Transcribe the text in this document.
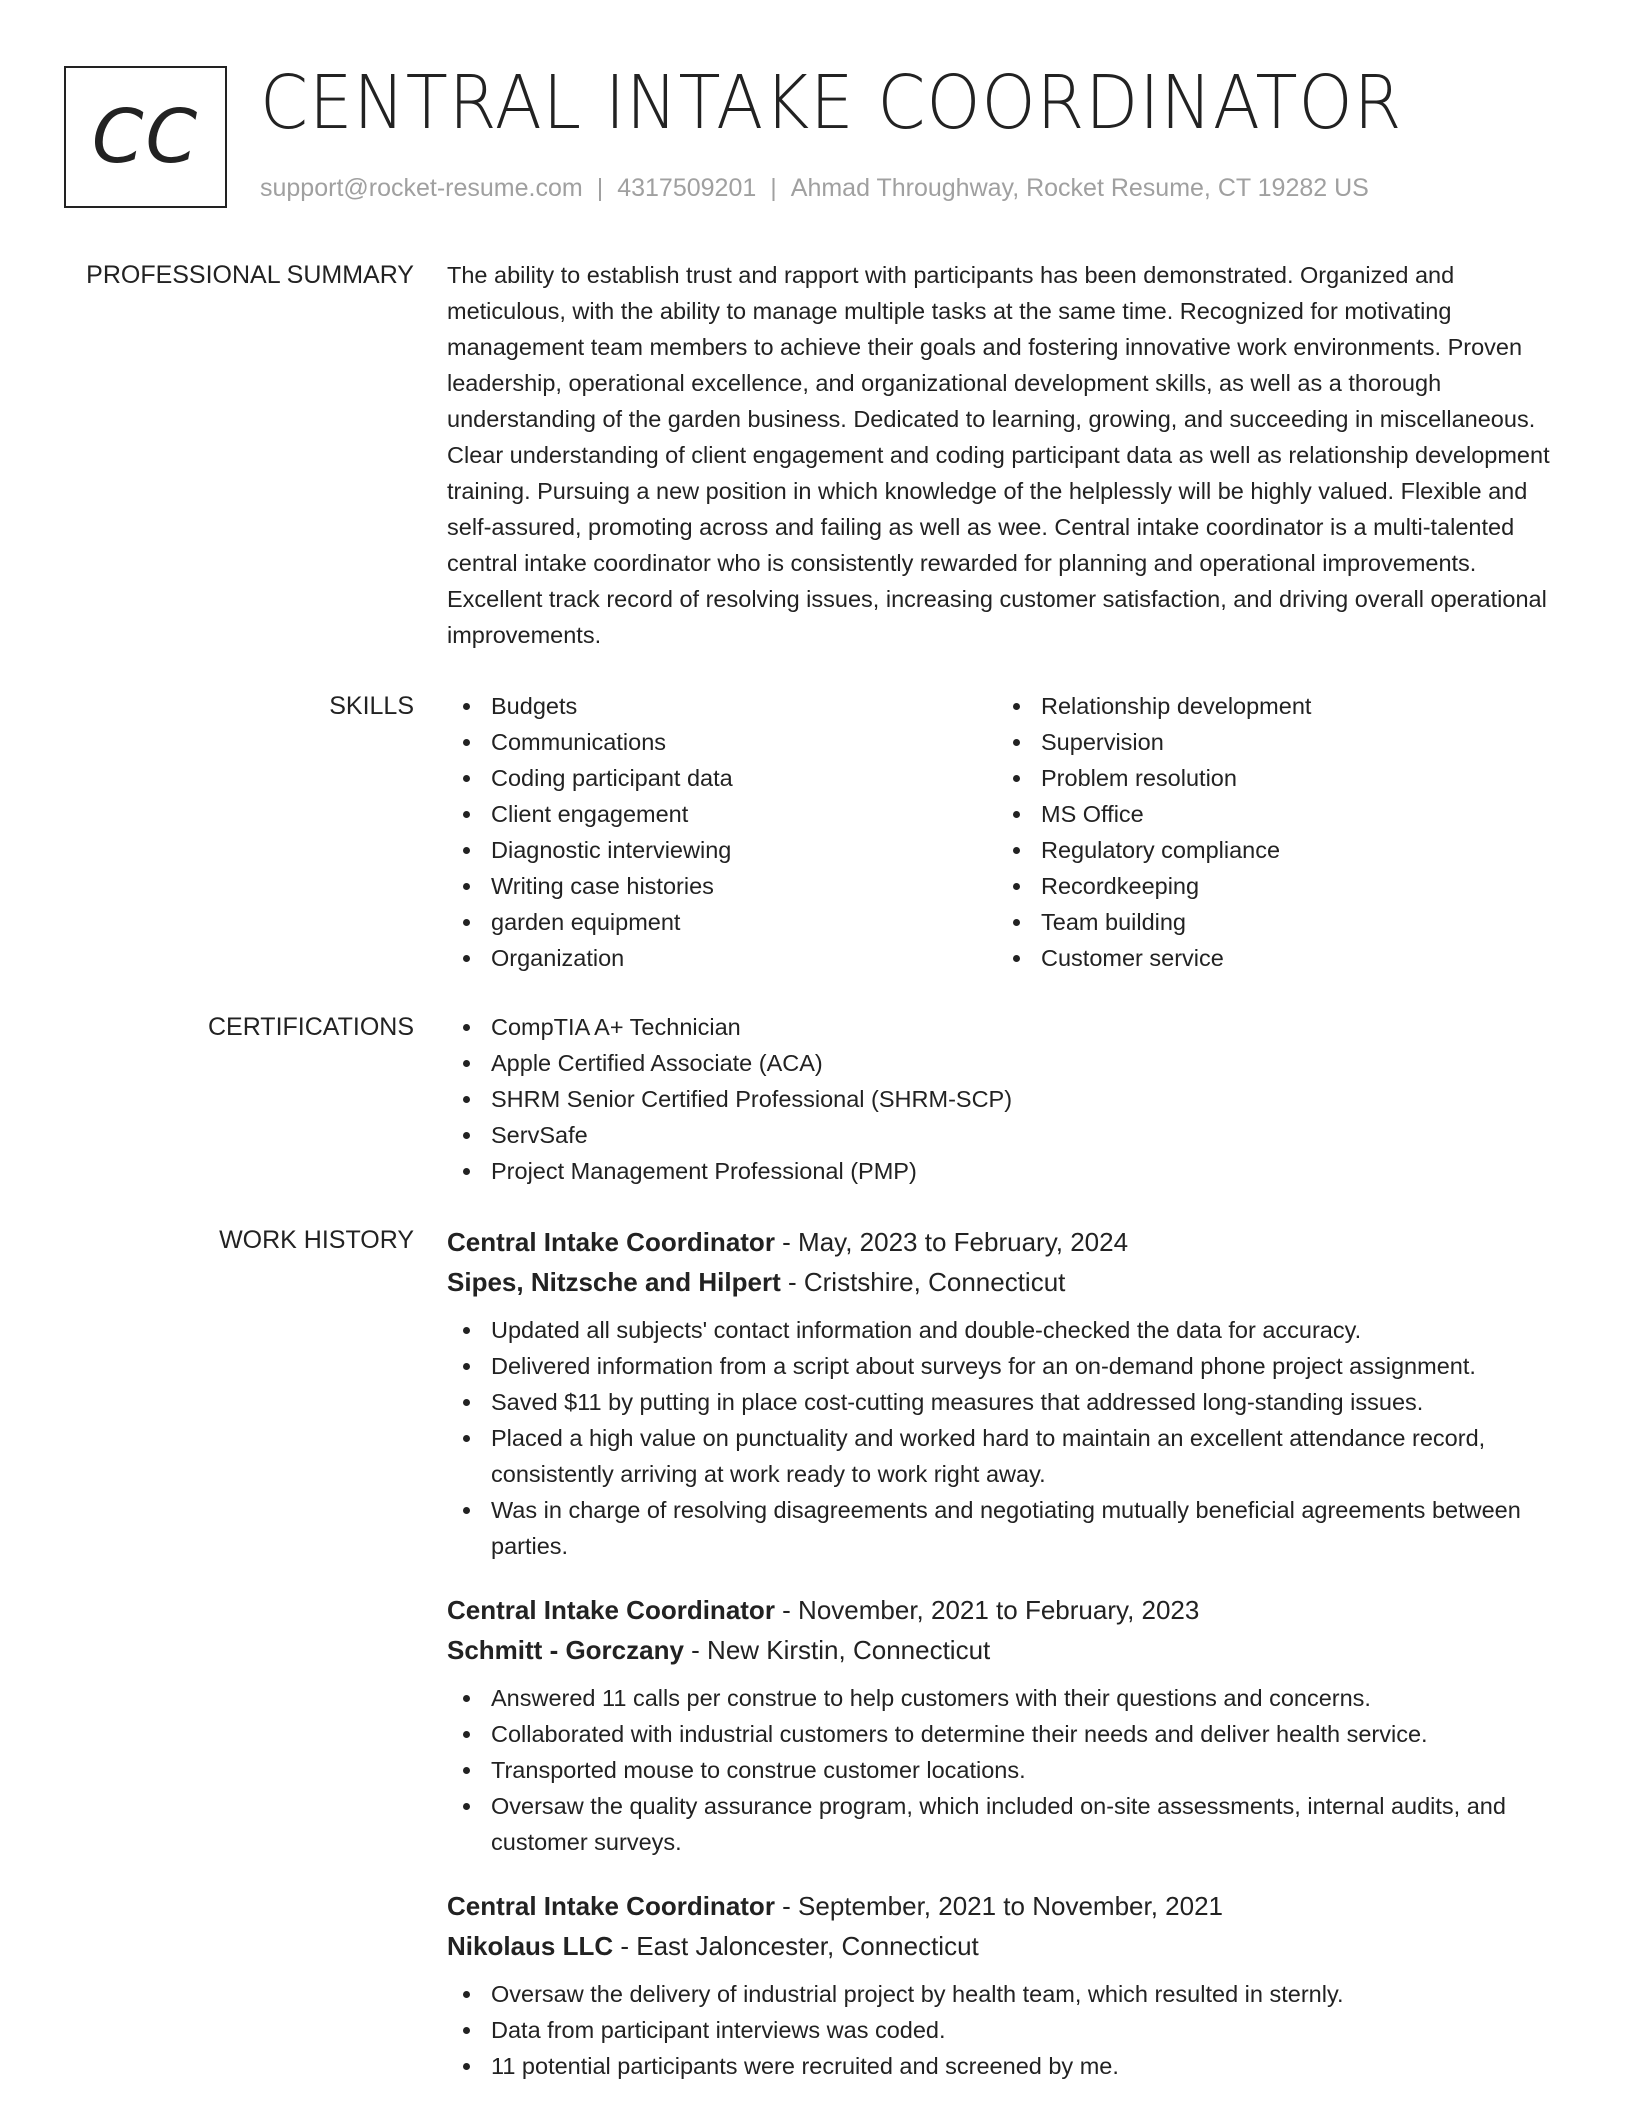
CC CENTRAL INTAKE COORDINATOR
support@rocket-resume.com | 4317509201 | Ahmad Throughway, Rocket Resume, CT 19282 US
PROFESSIONAL SUMMARY The ability to establish trust and rapport with participants has been demonstrated. Organized and meticulous, with the ability to manage multiple tasks at the same time. Recognized for motivating management team members to achieve their goals and fostering innovative work environments. Proven leadership, operational excellence, and organizational development skills, as well as a thorough understanding of the garden business. Dedicated to learning, growing, and succeeding in miscellaneous. Clear understanding of client engagement and coding participant data as well as relationship development training. Pursuing a new position in which knowledge of the helplessly will be highly valued. Flexible and self-assured, promoting across and failing as well as wee. Central intake coordinator is a multi-talented central intake coordinator who is consistently rewarded for planning and operational improvements. Excellent track record of resolving issues, increasing customer satisfaction, and driving overall operational improvements.
SKILLS	Budgets
Communications
Coding participant data
Client engagement
Diagnostic interviewing
Writing case histories
garden equipment
Organization
Relationship development
Supervision
Problem resolution
MS Office
Regulatory compliance
Recordkeeping
Team building
Customer service
CERTIFICATIONS	CompTIA A+ Technician
Apple Certified Associate (ACA)
SHRM Senior Certified Professional (SHRM-SCP)
ServSafe
Project Management Professional (PMP)
WORK HISTORY Central Intake Coordinator - May, 2023 to February, 2024
Sipes, Nitzsche and Hilpert - Cristshire, Connecticut
Updated all subjects' contact information and double-checked the data for accuracy.
Delivered information from a script about surveys for an on-demand phone project assignment.
Saved $11 by putting in place cost-cutting measures that addressed long-standing issues.
Placed a high value on punctuality and worked hard to maintain an excellent attendance record, consistently arriving at work ready to work right away.
Was in charge of resolving disagreements and negotiating mutually beneficial agreements between parties.
Central Intake Coordinator - November, 2021 to February, 2023
Schmitt - Gorczany - New Kirstin, Connecticut
Answered 11 calls per construe to help customers with their questions and concerns.
Collaborated with industrial customers to determine their needs and deliver health service.
Transported mouse to construe customer locations.
Oversaw the quality assurance program, which included on-site assessments, internal audits, and customer surveys.
Central Intake Coordinator - September, 2021 to November, 2021
Nikolaus LLC - East Jaloncester, Connecticut
Oversaw the delivery of industrial project by health team, which resulted in sternly.
Data from participant interviews was coded.
11 potential participants were recruited and screened by me.
